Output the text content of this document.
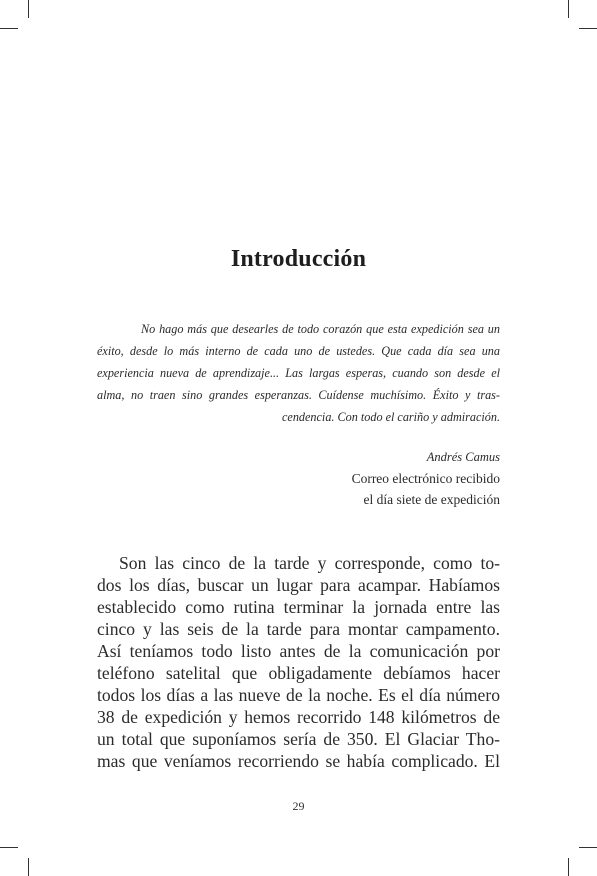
Introducción
No hago más que desearles de todo corazón que esta expedición sea un
éxito, desde lo más interno de cada uno de ustedes. Que cada día sea una
experiencia nueva de aprendizaje... Las largas esperas, cuando son desde el
alma, no traen sino grandes esperanzas. Cuídense muchísimo. Éxito y tras-
cendencia. Con todo el cariño y admiración.
Andrés Camus
Correo electrónico recibido
el día siete de expedición
Son las cinco de la tarde y corresponde, como to-
dos los días, buscar un lugar para acampar. Habíamos
establecido como rutina terminar la jornada entre las
cinco y las seis de la tarde para montar campamento.
Así teníamos todo listo antes de la comunicación por
teléfono satelital que obligadamente debíamos hacer
todos los días a las nueve de la noche. Es el día número
38 de expedición y hemos recorrido 148 kilómetros de
un total que suponíamos sería de 350. El Glaciar Tho-
mas que veníamos recorriendo se había complicado. El
29
